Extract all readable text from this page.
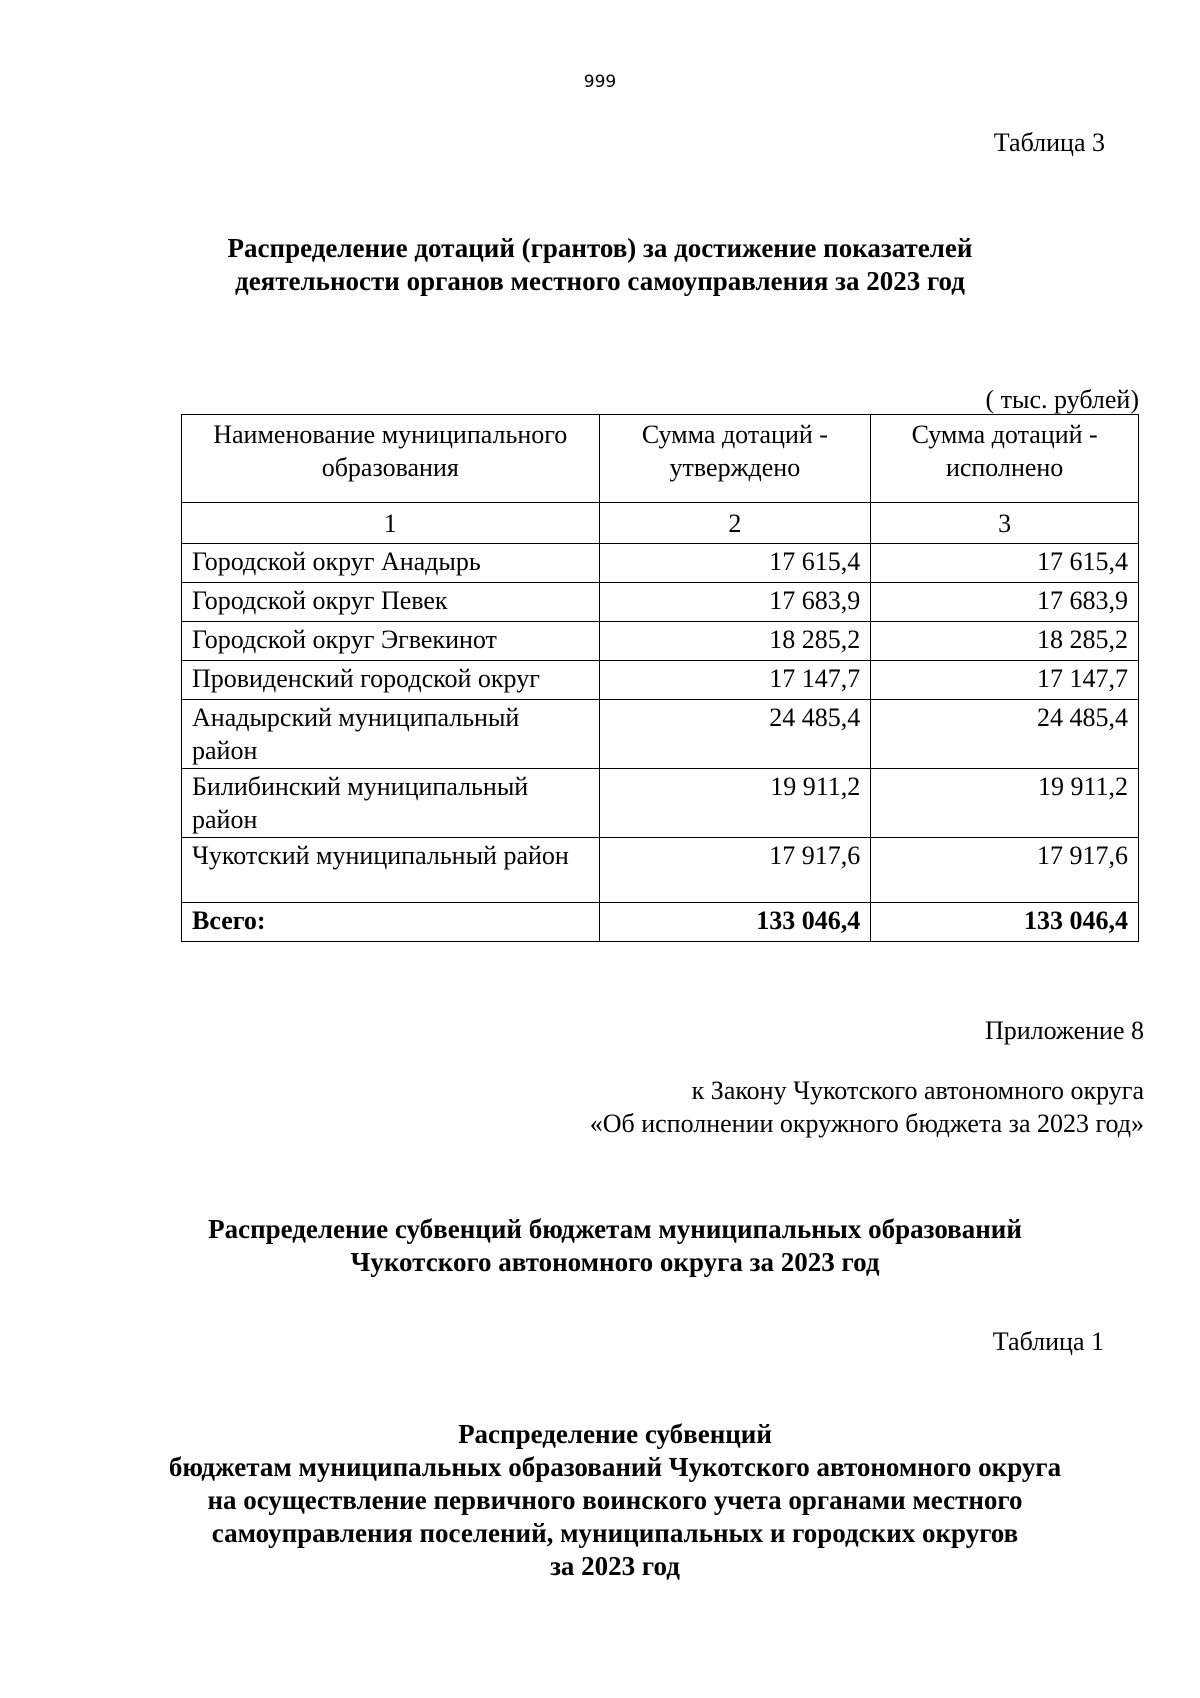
999
Таблица 3
Распределение дотаций (грантов) за достижение показателей
деятельности органов местного самоуправления за 2023 год
( тыс. рублей)
Наименование муниципального образования	Сумма дотаций - утверждено	Сумма дотаций - исполнено
1	2	3
Городской округ Анадырь	17 615,4	17 615,4
Городской округ Певек	17 683,9	17 683,9
Городской округ Эгвекинот	18 285,2	18 285,2
Провиденский городской округ	17 147,7	17 147,7
Анадырский муниципальный район	24 485,4	24 485,4
Билибинский муниципальный район	19 911,2	19 911,2
Чукотский муниципальный район	17 917,6	17 917,6
Всего:	133 046,4	133 046,4
Приложение 8
к Закону Чукотского автономного округа
«Об исполнении окружного бюджета за 2023 год»
Распределение субвенций бюджетам муниципальных образований
Чукотского автономного округа за 2023 год
Таблица 1
Распределение субвенций
бюджетам муниципальных образований Чукотского автономного округа
на осуществление первичного воинского учета органами местного
самоуправления поселений, муниципальных и городских округов
за 2023 год
